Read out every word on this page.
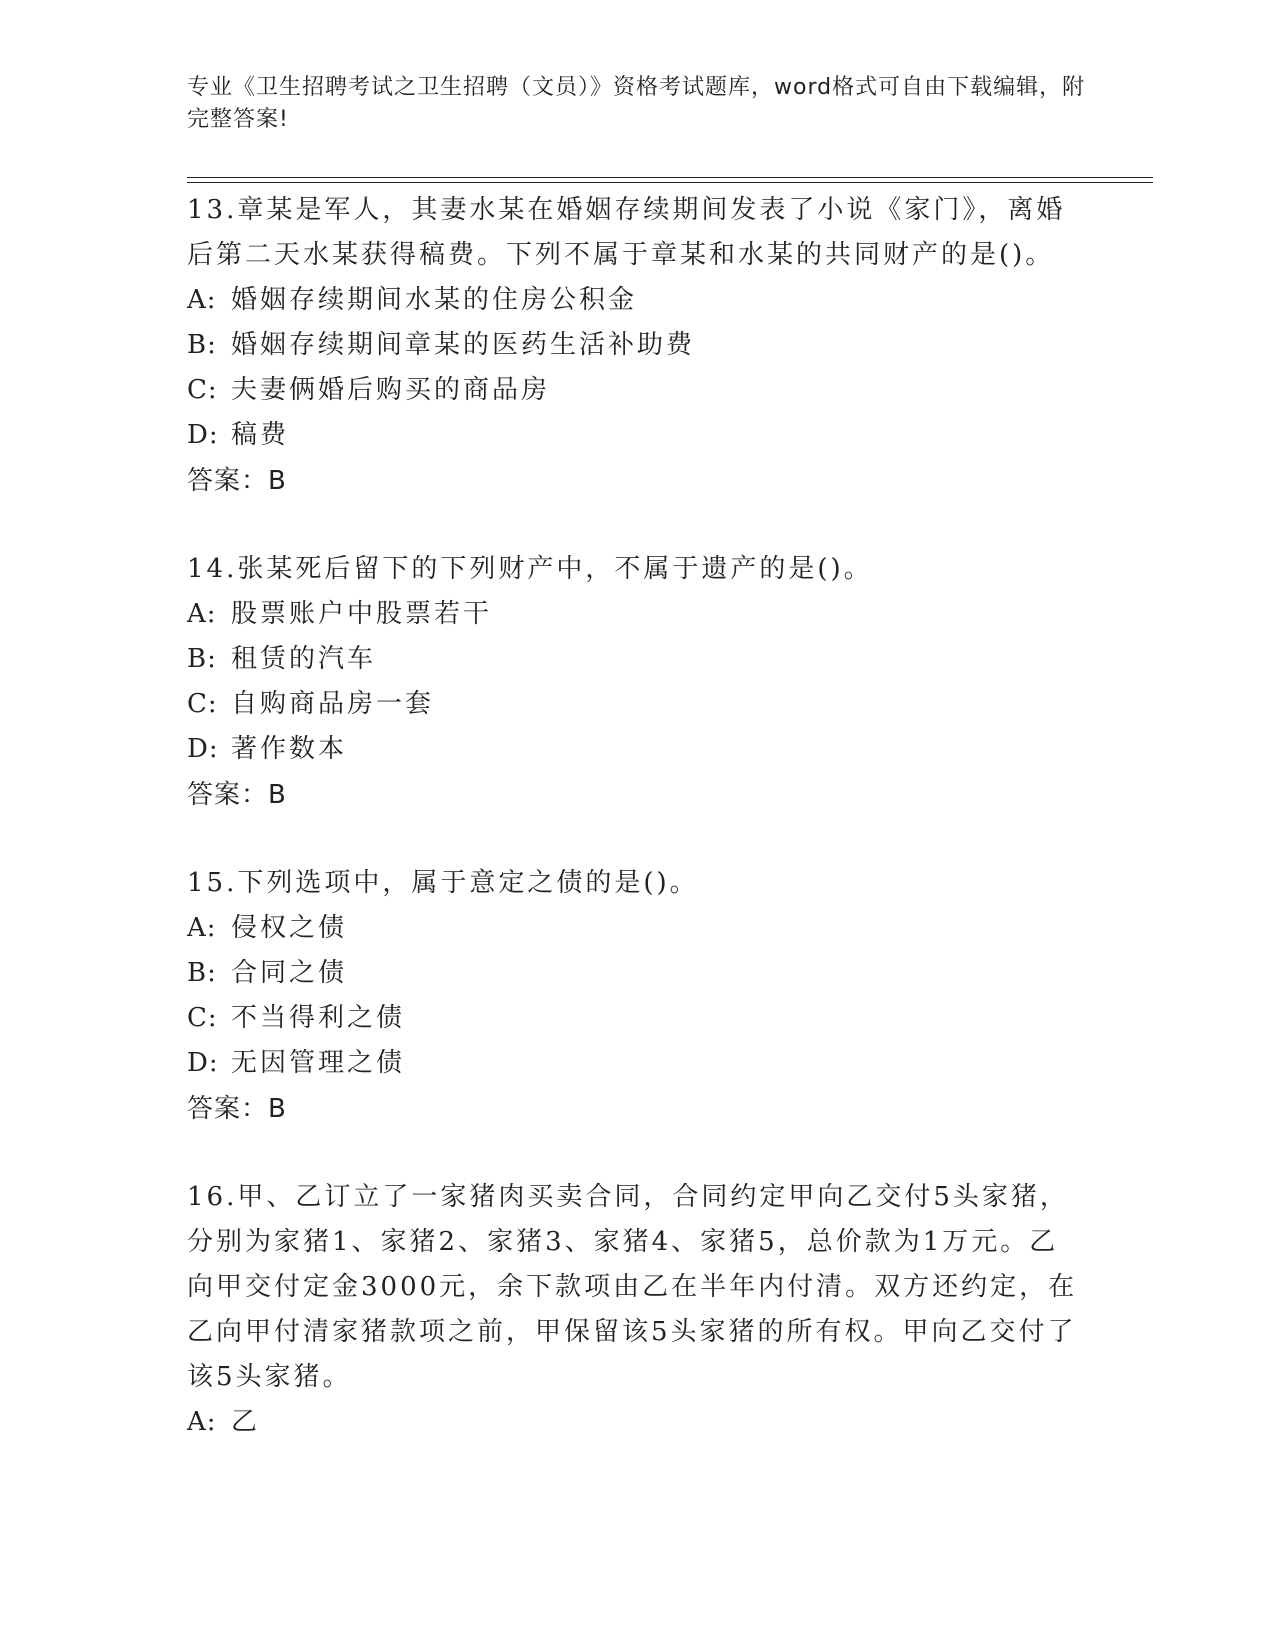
专业《卫生招聘考试之卫生招聘（文员）》资格考试题库，word格式可自由下载编辑，附完整答案!

13.章某是军人，其妻水某在婚姻存续期间发表了小说《家门》，离婚后第二天水某获得稿费。下列不属于章某和水某的共同财产的是()。

A: 婚姻存续期间水某的住房公积金
B: 婚姻存续期间章某的医药生活补助费
C: 夫妻俩婚后购买的商品房
D: 稿费
答案：B

14.张某死后留下的下列财产中，不属于遗产的是()。

A: 股票账户中股票若干
B: 租赁的汽车
C: 自购商品房一套
D: 著作数本
答案：B

15.下列选项中，属于意定之债的是()。

A: 侵权之债
B: 合同之债
C: 不当得利之债
D: 无因管理之债
答案：B

16.甲、乙订立了一家猪肉买卖合同，合同约定甲向乙交付5头家猪，分别为家猪1、家猪2、家猪3、家猪4、家猪5，总价款为1万元。乙向甲交付定金3000元，余下款项由乙在半年内付清。双方还约定，在乙向甲付清家猪款项之前，甲保留该5头家猪的所有权。甲向乙交付了该5头家猪。

A: 乙
